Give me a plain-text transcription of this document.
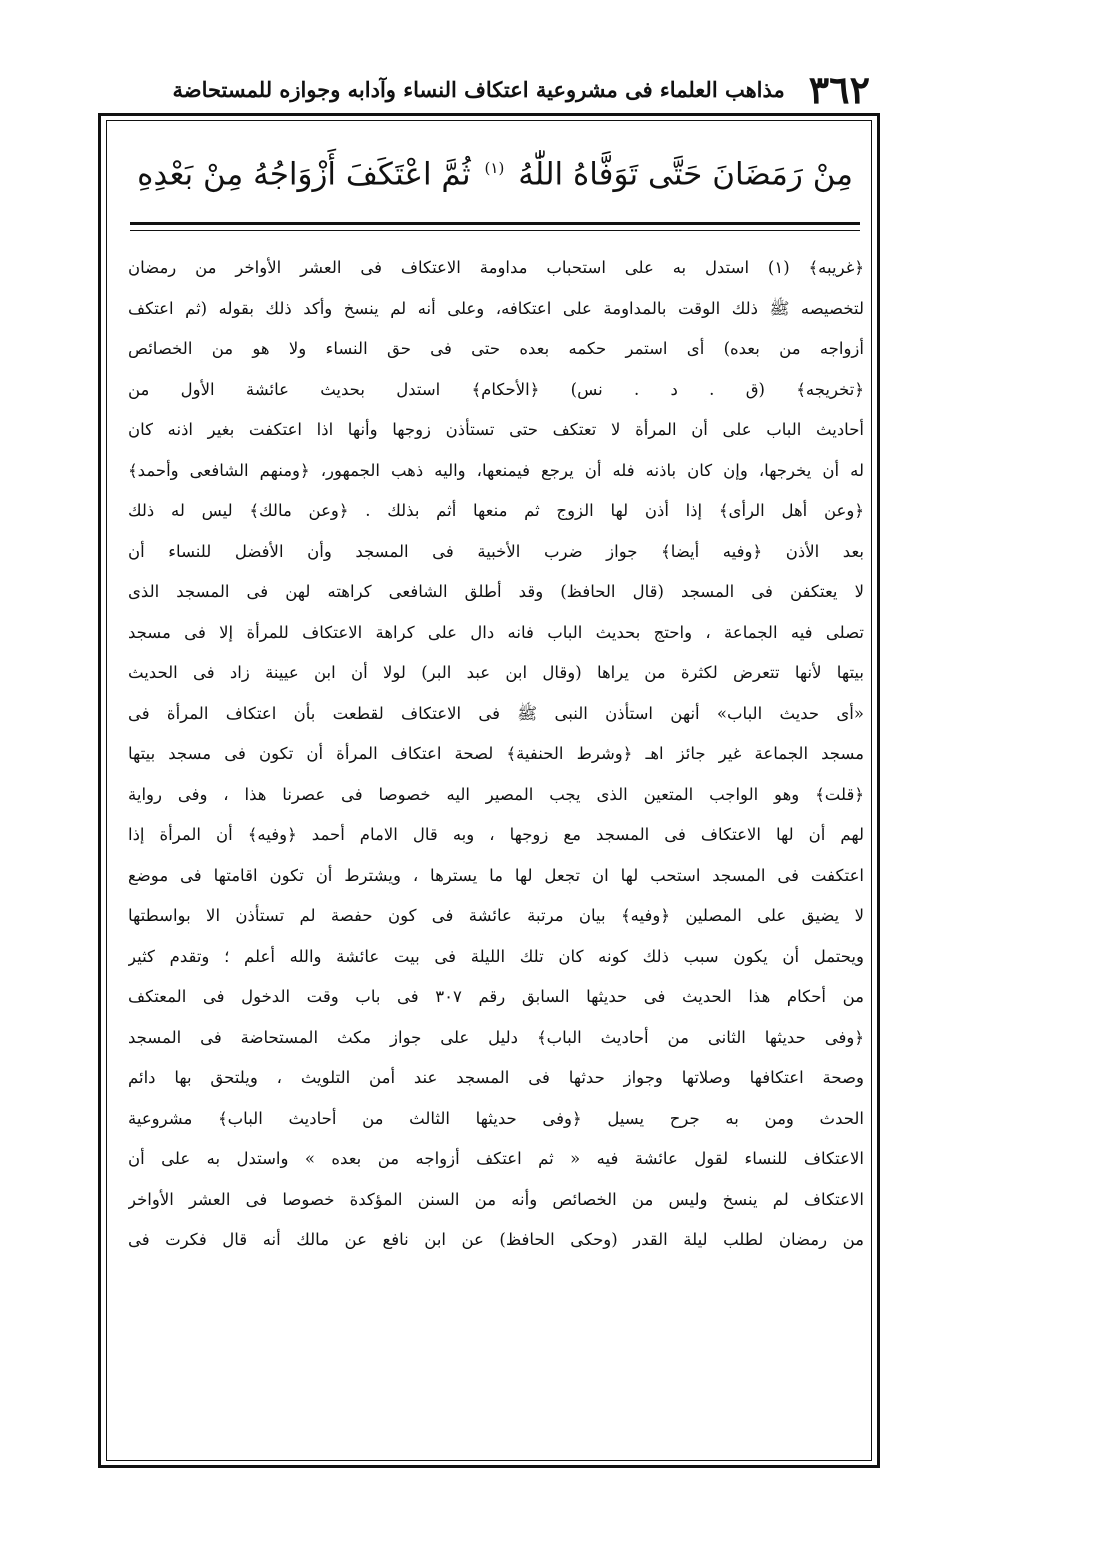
٣٦٢
مذاهب العلماء فى مشروعية اعتكاف النساء وآدابه وجوازه للمستحاضة
مِنْ رَمَضَانَ حَتَّى تَوَفَّاهُ اللّٰهُ $^{(١)}$ ثُمَّ اعْتَكَفَ أَزْوَاجُهُ مِنْ بَعْدِهِ
﴿غريبه﴾ (١) استدل به على استحباب مداومة الاعتكاف فى العشر الأواخر من رمضان
لتخصيصه ﷺ ذلك الوقت بالمداومة على اعتكافه، وعلى أنه لم ينسخ وأكد ذلك بقوله (ثم اعتكف
أزواجه من بعده) أى استمر حكمه بعده حتى فى حق النساء ولا هو من الخصائص
﴿تخريجه﴾ (ق . د . نس) ﴿الأحكام﴾ استدل بحديث عائشة الأول من
أحاديث الباب على أن المرأة لا تعتكف حتى تستأذن زوجها وأنها اذا اعتكفت بغير اذنه كان
له أن يخرجها، وإن كان باذنه فله أن يرجع فيمنعها، واليه ذهب الجمهور، ﴿ومنهم الشافعى وأحمد﴾
﴿وعن أهل الرأى﴾ إذا أذن لها الزوج ثم منعها أثم بذلك . ﴿وعن مالك﴾ ليس له ذلك
بعد الأذن ﴿وفيه أيضا﴾ جواز ضرب الأخبية فى المسجد وأن الأفضل للنساء أن
لا يعتكفن فى المسجد (قال الحافظ) وقد أطلق الشافعى كراهته لهن فى المسجد الذى
تصلى فيه الجماعة ، واحتج بحديث الباب فانه دال على كراهة الاعتكاف للمرأة إلا فى مسجد
بيتها لأنها تتعرض لكثرة من يراها (وقال ابن عبد البر) لولا أن ابن عيينة زاد فى الحديث
«أى حديث الباب» أنهن استأذن النبى ﷺ فى الاعتكاف لقطعت بأن اعتكاف المرأة فى
مسجد الجماعة غير جائز اهـ ﴿وشرط الحنفية﴾ لصحة اعتكاف المرأة أن تكون فى مسجد بيتها
﴿قلت﴾ وهو الواجب المتعين الذى يجب المصير اليه خصوصا فى عصرنا هذا ، وفى رواية
لهم أن لها الاعتكاف فى المسجد مع زوجها ، وبه قال الامام أحمد ﴿وفيه﴾ أن المرأة إذا
اعتكفت فى المسجد استحب لها ان تجعل لها ما يسترها ، ويشترط أن تكون اقامتها فى موضع
لا يضيق على المصلين ﴿وفيه﴾ بيان مرتبة عائشة فى كون حفصة لم تستأذن الا بواسطتها
ويحتمل أن يكون سبب ذلك كونه كان تلك الليلة فى بيت عائشة والله أعلم ؛ وتقدم كثير
من أحكام هذا الحديث فى حديثها السابق رقم ٣٠٧ فى باب وقت الدخول فى المعتكف
﴿وفى حديثها الثانى من أحاديث الباب﴾ دليل على جواز مكث المستحاضة فى المسجد
وصحة اعتكافها وصلاتها وجواز حدثها فى المسجد عند أمن التلويث ، ويلتحق بها دائم
الحدث ومن به جرح يسيل ﴿وفى حديثها الثالث من أحاديث الباب﴾ مشروعية
الاعتكاف للنساء لقول عائشة فيه « ثم اعتكف أزواجه من بعده » واستدل به على أن
الاعتكاف لم ينسخ وليس من الخصائص وأنه من السنن المؤكدة خصوصا فى العشر الأواخر
من رمضان لطلب ليلة القدر (وحكى الحافظ) عن ابن نافع عن مالك أنه قال فكرت فى
